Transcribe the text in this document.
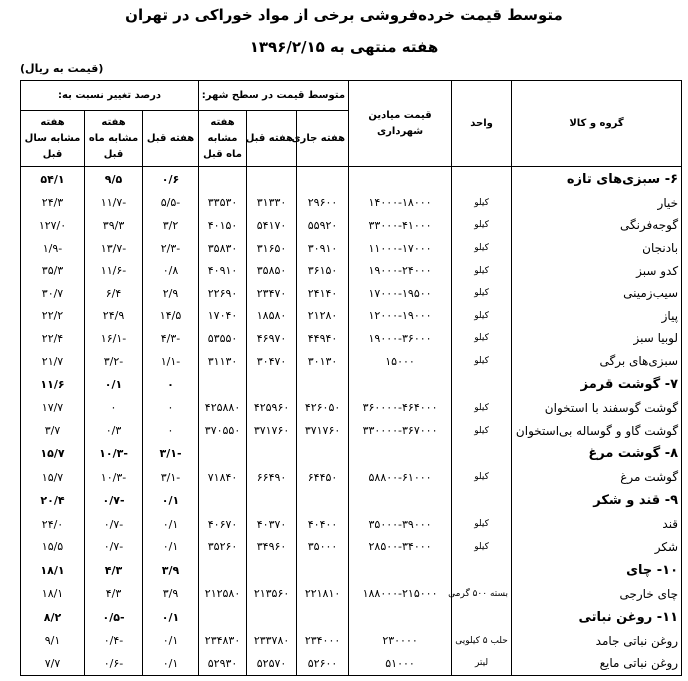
متوسط قیمت خرده‌فروشی برخی از مواد خوراکی در تهران
هفته منتهی به ۱۳۹۶/۲/۱۵
(قیمت به ریال)
گروه و کالا	واحد	قیمت میادین شهرداری	متوسط قیمت در سطح شهر:			درصد تغییر نسبت به:		
			هفته جاری	هفته قبل	هفته مشابه ماه قبل	هفته قبل	هفته مشابه ماه قبل	هفته مشابه سال قبل
۶- سبزی‌های تازه						۰/۶	۹/۵	۵۴/۱
خیار	کیلو	۱۴۰۰۰-۱۸۰۰۰	۲۹۶۰۰	۳۱۳۳۰	۳۳۵۳۰	-۵/۵	-۱۱/۷	۲۴/۳
گوجه‌فرنگی	کیلو	۳۳۰۰۰-۴۱۰۰۰	۵۵۹۲۰	۵۴۱۷۰	۴۰۱۵۰	۳/۲	۳۹/۳	۱۲۷/۰
بادنجان	کیلو	۱۱۰۰۰-۱۷۰۰۰	۳۰۹۱۰	۳۱۶۵۰	۳۵۸۳۰	-۲/۳	-۱۳/۷	-۱/۹
کدو سبز	کیلو	۱۹۰۰۰-۲۴۰۰۰	۳۶۱۵۰	۳۵۸۵۰	۴۰۹۱۰	۰/۸	-۱۱/۶	۳۵/۳
سیب‌زمینی	کیلو	۱۷۰۰۰-۱۹۵۰۰	۲۴۱۴۰	۲۳۴۷۰	۲۲۶۹۰	۲/۹	۶/۴	۳۰/۷
پیاز	کیلو	۱۲۰۰۰-۱۹۰۰۰	۲۱۲۸۰	۱۸۵۸۰	۱۷۰۴۰	۱۴/۵	۲۴/۹	۲۲/۲
لوبیا سبز	کیلو	۱۹۰۰۰-۳۶۰۰۰	۴۴۹۴۰	۴۶۹۷۰	۵۳۵۵۰	-۴/۳	-۱۶/۱	۲۲/۴
سبزی‌های برگی	کیلو	۱۵۰۰۰	۳۰۱۳۰	۳۰۴۷۰	۳۱۱۳۰	-۱/۱	-۳/۲	۲۱/۷
۷- گوشت قرمز						۰	۰/۱	۱۱/۶
گوشت گوسفند با استخوان	کیلو	۳۶۰۰۰۰-۴۶۴۰۰۰	۴۲۶۰۵۰	۴۲۵۹۶۰	۴۲۵۸۸۰	۰	۰	۱۷/۷
گوشت گاو و گوساله بی‌استخوان	کیلو	۳۳۰۰۰۰-۳۶۷۰۰۰	۳۷۱۷۶۰	۳۷۱۷۶۰	۳۷۰۵۵۰	۰	۰/۳	۳/۷
۸- گوشت مرغ						-۳/۱	-۱۰/۳	۱۵/۷
گوشت مرغ	کیلو	۵۸۸۰۰-۶۱۰۰۰	۶۴۴۵۰	۶۶۴۹۰	۷۱۸۴۰	-۳/۱	-۱۰/۳	۱۵/۷
۹- قند و شکر						۰/۱	-۰/۷	۲۰/۴
قند	کیلو	۳۵۰۰۰-۳۹۰۰۰	۴۰۴۰۰	۴۰۳۷۰	۴۰۶۷۰	۰/۱	-۰/۷	۲۴/۰
شکر	کیلو	۲۸۵۰۰-۳۴۰۰۰	۳۵۰۰۰	۳۴۹۶۰	۳۵۲۶۰	۰/۱	-۰/۷	۱۵/۵
۱۰- چای						۳/۹	۴/۳	۱۸/۱
چای خارجی	بسته ۵۰۰ گرمی	۱۸۸۰۰۰-۲۱۵۰۰۰	۲۲۱۸۱۰	۲۱۳۵۶۰	۲۱۲۵۸۰	۳/۹	۴/۳	۱۸/۱
۱۱- روغن نباتی						۰/۱	-۰/۵	۸/۲
روغن نباتی جامد	حلب ۵ کیلویی	۲۳۰۰۰۰	۲۳۴۰۰۰	۲۳۳۷۸۰	۲۳۴۸۳۰	۰/۱	-۰/۴	۹/۱
روغن نباتی مایع	لیتر	۵۱۰۰۰	۵۲۶۰۰	۵۲۵۷۰	۵۲۹۳۰	۰/۱	-۰/۶	۷/۷
